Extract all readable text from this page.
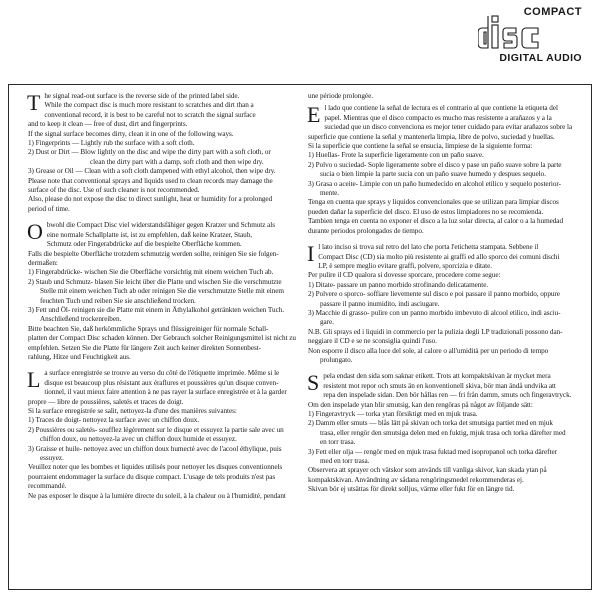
COMPACT
DIGITAL AUDIO
T he signal read-out surface is the reverse side of the printed label side.

While the compact disc is much more resistant to scratches and dirt than a

conventional record, it is best to be careful not to scratch the signal surface

and to keep it clean — free of dust, dirt and fingerprints.

If the signal surface becomes dirty, clean it in one of the following ways.

1) Fingerprints — Lightly rub the surface with a soft cloth.

2) Dust or Dirt — Blow lightly on the disc and wipe the dirty part with a soft cloth, or

clean the dirty part with a damp, soft cloth and then wipe dry.

3) Grease or Oil — Clean with a soft cloth dampened with ethyl alcohol, then wipe dry.

Please note that conventional sprays and liquids used to clean records may damage the

surface of the disc. Use of such cleaner is not recommended.

Also, please do not expose the disc to direct sunlight, heat or humidity for a prolonged

period of time.

O bwohl die Compact Disc viel widerstandsfähiger gegen Kratzer und Schmutz als

eine normale Schallplatte ist, ist zu empfehlen, daß keine Kratzer, Staub,

Schmutz oder Fingerabdrücke auf die bespielte Oberfläche kommen.

Falls die bespielte Oberfläche trotzdem schmutzig werden sollte, reinigen Sie sie folgen-

dermaßen:

1) Fingerabdrücke- wischen Sie die Oberfläche vorsichtig mit einem weichen Tuch ab.

2) Staub und Schmutz- blasen Sie leicht über die Platte und wischen Sie die verschmutzte

Stelle mit einem weichen Tuch ab oder reinigen Sie die verschmutzte Stelle mit einem

feuchten Tuch und reiben Sie sie anschließend trocken.

3) Fett und Öl- reinigen sie die Platte mit einem in Äthylalkohol getränkten weichen Tuch.

Anschließend trockenreiben.

Bitte beachten Sie, daß herkömmliche Sprays und flüssigreiniger für normale Schall-

platten der Compact Disc schaden können. Der Gebrauch solcher Reinigungsmittel ist nicht zu

empfehlen. Setzen Sie die Platte für längere Zeit auch keiner direkten Sonnenbest-

rahlung, Hitze und Feuchtigkeit aus.

L a surface enregistrée se trouve au verso du côté de l'étiquette imprimée. Même si le

disque est beaucoup plus résistant aux éraflures et poussières qu'un disque conven-

tionnel, il vaut mieux faire attention à ne pas rayer la surface enregistrée et à la garder

propre — libre de poussières, saletés et traces de doigt.

Si la surface enregistrée se salit, nettoyez-la d'une des manières suivantes:

1) Traces de doigt- nettoyez la surface avec un chiffon doux.

2) Poussières ou saletés- soufflez légèrement sur le disque et essuyez la partie sale avec un

chiffon doux, ou nettoyez-la avec un chiffon doux humide et essuyez.

3) Graisse et huile- nettoyez avec un chiffon doux humecté avec de l'acool éthylique, puis

essuyez.

Veuillez noter que les bombes et liquides utilisés pour nettoyer les disques conventionnels

pourraient endommager la surface du disque compact. L'usage de tels produits n'est pas

recommandé.

Ne pas exposer le disque à la lumière directe du soleil, à la chaleur ou à l'humidité, pendant

une période prolongée.

E l lado que contiene la señal de lectura es el contrario al que contiene la etiqueta del

papel. Mientras que el disco compacto es mucho mas resistente a arañazos y a la

suciedad que un disco convenciona es mejor tener cuidado para evitar arañazos sobre la

superficie que contiene la señal y mantenerla limpia, libre de polvo, suciedad y huellas.

Si la superficie que contiene la señal se ensucia, limpiese de la siguiente forma:

1) Huellas- Frote la superficie ligeramente con un paño suave.

2) Polvo o suciedad- Sople ligeramente sobre el disco y pase un paño suave sobre la parte

sucia o bien limpie la parte sucia con un paño suave humedo y despues sequelo.

3) Grasa o aceite- Limpie con un paño humedecido en alcohol etilico y sequelo posterior-

mente.

Tenga en cuenta que sprays y liquidos convencionales que se utilizan para limpiar discos

pueden dañar la superficie del disco. El uso de estos limpiadores no se recomienda.

Tambien tenga en cuenta no exponer el disco a la luz solar directa, al calor o a la humedad

durante periodos prolongados de tiempo.

I l lato inciso si trova sul retro del lato che porta l'etichetta stampata. Sebbene il

Compact Disc (CD) sia molto più resistente ai graffi ed allo sporco dei comuni dischi

LP, è sempre meglio evitare graffi, polvere, sporcizia e ditate.

Per pulire il CD qualora si dovesse sporcare, procedere come segue:

1) Ditate- passare un panno morbido strofinando delicatamente.

2) Polvere o sporco- soffiare lievemente sul disco e poi passare il panno morbido, oppure

passare il panno inumidito, indi asciugare.

3) Macchie di grasso- pulire con un panno morbido imbevuto di alcool etilico, indi asciu-

gare.

N.B. Gli sprays ed i liquidi in commercio per la pulizia degli LP tradizionali possono dan-

neggiare il CD e se ne sconsiglia quindi l'uso.

Non esporre il disco alla luce del sole, al calore o all'umidità per un periodo di tempo

prolungato.

S pela endast den sida som saknar etikett. Trots att kompaktskivan är mycket mera

resistent mot repor och smuts än en konventionell skiva, bör man ändå undvika att

repa den inspelade sidan. Den bör hållas ren — fri från damm, smuts och fingeravtryck.

Om den inspelade ytan blir smutsig, kan den rengöras på något av följande sätt:

1) Fingeravtryck — torka ytan försiktigt med en mjuk trasa.

2) Damm eller smuts — blås lätt på skivan och torka det smutsiga partiet med en mjuk

trasa, eller rengör den smutsiga delen med en fuktig, mjuk trasa och torka därefter med

en torr trasa.

3) Fett eller olja — rengör med en mjuk trasa fuktad med isopropanol och torka därefter

med en torr trasa.

Observera att sprayer och vätskor som används till vanliga skivor, kan skada ytan på

kompaktskivan. Användning av sådana rengöringsmedel rekommenderas ej.

Skivan bör ej utsättas för direkt solljus, värme eller fukt för en längre tid.
